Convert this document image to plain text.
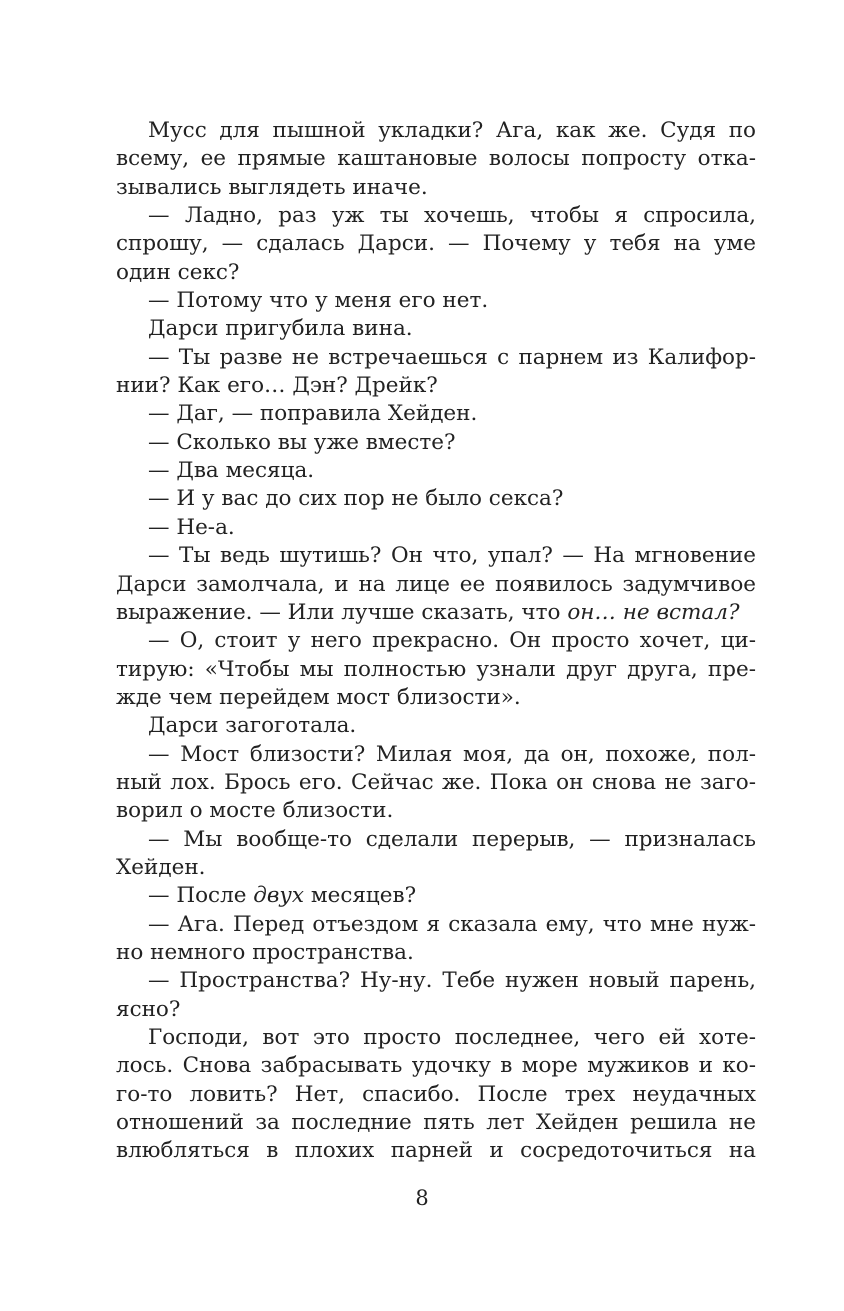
Мусс для пышной укладки? Ага, как же. Судя по
всему, ее прямые каштановые волосы попросту отка-
зывались выглядеть иначе.
— Ладно, раз уж ты хочешь, чтобы я спросила,
спрошу, — сдалась Дарси. — Почему у тебя на уме
один секс?
— Потому что у меня его нет.
Дарси пригубила вина.
— Ты разве не встречаешься с парнем из Калифор-
нии? Как его… Дэн? Дрейк?
— Даг, — поправила Хейден.
— Сколько вы уже вместе?
— Два месяца.
— И у вас до сих пор не было секса?
— Не-а.
— Ты ведь шутишь? Он что, упал? — На мгновение
Дарси замолчала, и на лице ее появилось задумчивое
выражение. — Или лучше сказать, что он… не встал?
— О, стоит у него прекрасно. Он просто хочет, ци-
тирую: «Чтобы мы полностью узнали друг друга, пре-
жде чем перейдем мост близости».
Дарси загоготала.
— Мост близости? Милая моя, да он, похоже, пол-
ный лох. Брось его. Сейчас же. Пока он снова не заго-
ворил о мосте близости.
— Мы вообще-то сделали перерыв, — призналась
Хейден.
— После двух месяцев?
— Ага. Перед отъездом я сказала ему, что мне нуж-
но немного пространства.
— Пространства? Ну-ну. Тебе нужен новый парень,
ясно?
Господи, вот это просто последнее, чего ей хоте-
лось. Снова забрасывать удочку в море мужиков и ко-
го-то ловить? Нет, спасибо. После трех неудачных
отношений за последние пять лет Хейден решила не
влюбляться в плохих парней и сосредоточиться на
8
